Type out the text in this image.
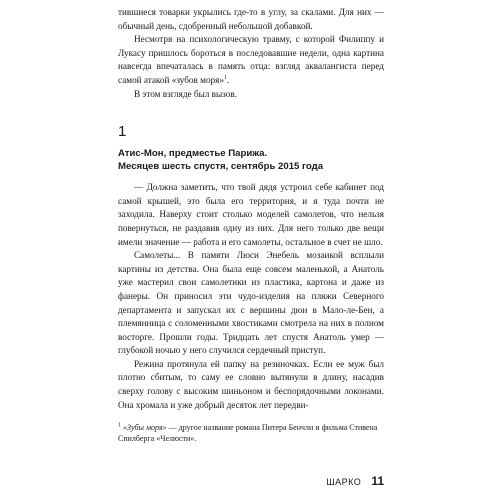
тившиеся товарки укрылись где-то в углу, за скалами. Для них — обычный день, сдобренный небольшой добавкой.

Несмотря на психологическую травму, с которой Филиппу и Лукасу пришлось бороться в последовавшие недели, одна картина навсегда впечаталась в память отца: взгляд аквалангиста перед самой атакой «зубов моря»$^1$.

В этом взгляде был вызов.

1
Атис-Мон, предместье Парижа.
Месяцев шесть спустя, сентябрь 2015 года

— Должна заметить, что твой дядя устроил себе кабинет под самой крышей, это была его территория, и я туда почти не заходила. Наверху стоит столько моделей самолетов, что нельзя повернуться, не раздавив одну из них. Для него только две вещи имели значение — работа и его самолеты, остальное в счет не шло.

Самолеты... В памяти Люси Энебель мозаикой всплыли картины из детства. Она была еще совсем маленькой, а Анатоль уже мастерил свои самолетики из пластика, картона и даже из фанеры. Он приносил эти чудо-изделия на пляжи Северного департамента и запускал их с вершины дюн в Мало-ле-Бен, а племянница с соломенными хвостиками смотрела на них в полном восторге. Прошли годы. Тридцать лет спустя Анатоль умер — глубокой ночью у него случился сердечный приступ.

Режина протянула ей папку на резиночках. Если ее муж был плотно сбитым, то саму ее словно вытянули в длину, насадив сверху голову с высоким шиньоном и беспорядочными локонами. Она хромала и уже добрый десяток лет передви-

$^1$ «Зубы моря» — другое название романа Питера Бенчли и фильма Стивена Спилберга «Челюсти».
ШАРКО 11
